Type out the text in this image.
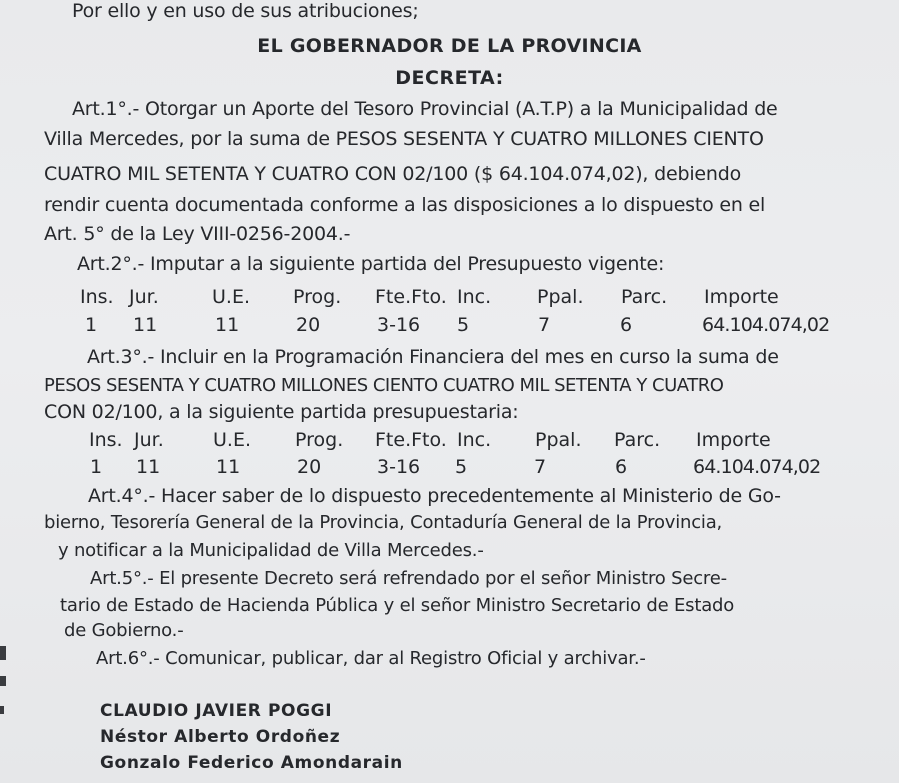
Por ello y en uso de sus atribuciones;
EL GOBERNADOR DE LA PROVINCIA
DECRETA:
Art.1°.- Otorgar un Aporte del Tesoro Provincial (A.T.P) a la Municipalidad de
Villa Mercedes, por la suma de PESOS SESENTA Y CUATRO MILLONES CIENTO
CUATRO MIL SETENTA Y CUATRO CON 02/100 ($ 64.104.074,02), debiendo
rendir cuenta documentada conforme a las disposiciones a lo dispuesto en el
Art. 5° de la Ley VIII-0256-2004.-
Art.2°.- Imputar a la siguiente partida del Presupuesto vigente:
Ins. Jur.	U.E. Prog. Fte.Fto. Inc. Ppal. Parc. Importe
1 11	11	20	3-16 5	7	6	64.104.074,02
Art.3°.- Incluir en la Programación Financiera del mes en curso la suma de
PESOS SESENTA Y CUATRO MILLONES CIENTO CUATRO MIL SETENTA Y CUATRO
CON 02/100, a la siguiente partida presupuestaria:
Ins. Jur.	U.E. Prog. Fte.Fto. Inc. Ppal. Parc. Importe
1 11	11	20	3-16 5	7	6	64.104.074,02
Art.4°.- Hacer saber de lo dispuesto precedentemente al Ministerio de Go-
bierno, Tesorería General de la Provincia, Contaduría General de la Provincia,
y notificar a la Municipalidad de Villa Mercedes.-
Art.5°.- El presente Decreto será refrendado por el señor Ministro Secre-
tario de Estado de Hacienda Pública y el señor Ministro Secretario de Estado
de Gobierno.-
Art.6°.- Comunicar, publicar, dar al Registro Oficial y archivar.-
CLAUDIO JAVIER POGGI
Néstor Alberto Ordoñez
Gonzalo Federico Amondarain
